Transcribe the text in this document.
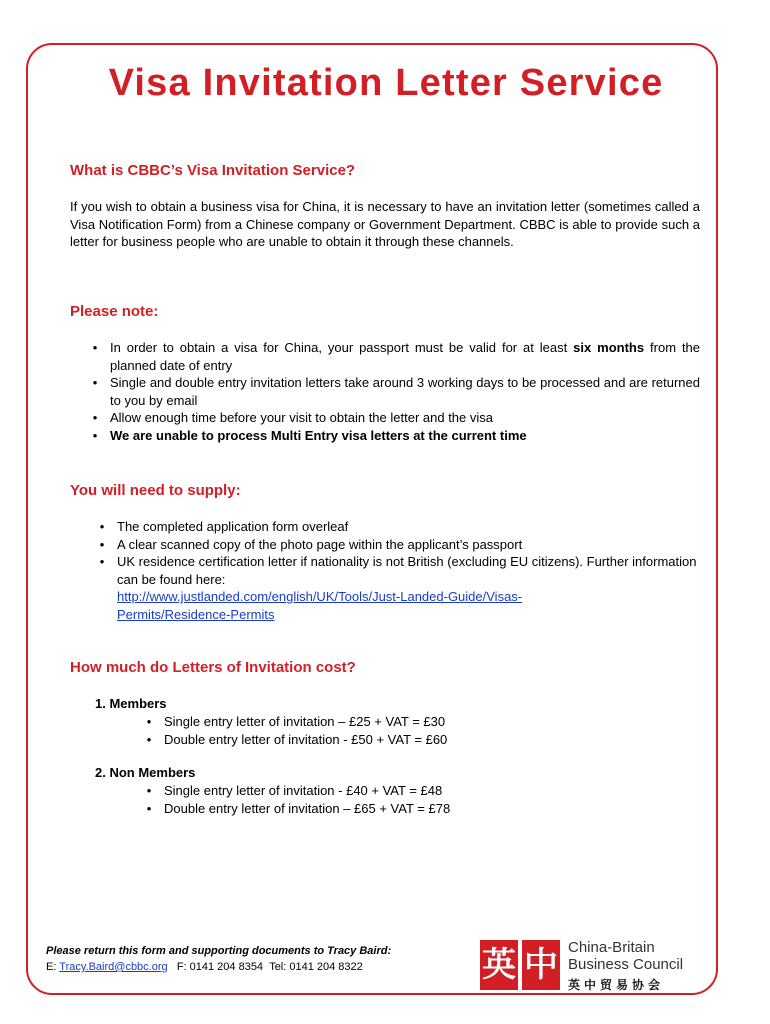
Visa Invitation Letter Service
What is CBBC’s Visa Invitation Service?

If you wish to obtain a business visa for China, it is necessary to have an invitation letter (sometimes called a Visa Notification Form) from a Chinese company or Government Department. CBBC is able to provide such a letter for business people who are unable to obtain it through these channels.

Please note:
• In order to obtain a visa for China, your passport must be valid for at least six months from the planned date of entry
• Single and double entry invitation letters take around 3 working days to be processed and are returned to you by email
• Allow enough time before your visit to obtain the letter and the visa
• We are unable to process Multi Entry visa letters at the current time
You will need to supply:
• The completed application form overleaf
• A clear scanned copy of the photo page within the applicant’s passport
• UK residence certification letter if nationality is not British (excluding EU citizens). Further information can be found here:
http://www.justlanded.com/english/UK/Tools/Just-Landed-Guide/Visas-
Permits/Residence-Permits
How much do Letters of Invitation cost?

1. Members

• Single entry letter of invitation – £25 + VAT = £30
• Double entry letter of invitation - £50 + VAT = £60

2. Non Members

• Single entry letter of invitation - £40 + VAT = £48
• Double entry letter of invitation – £65 + VAT = £78

Please return this form and supporting documents to Tracy Baird:

E: Tracy.Baird@cbbc.org F: 0141 204 8354 Tel: 0141 204 8322	英 中 China-Britain

Business Council

英中贸易协会
